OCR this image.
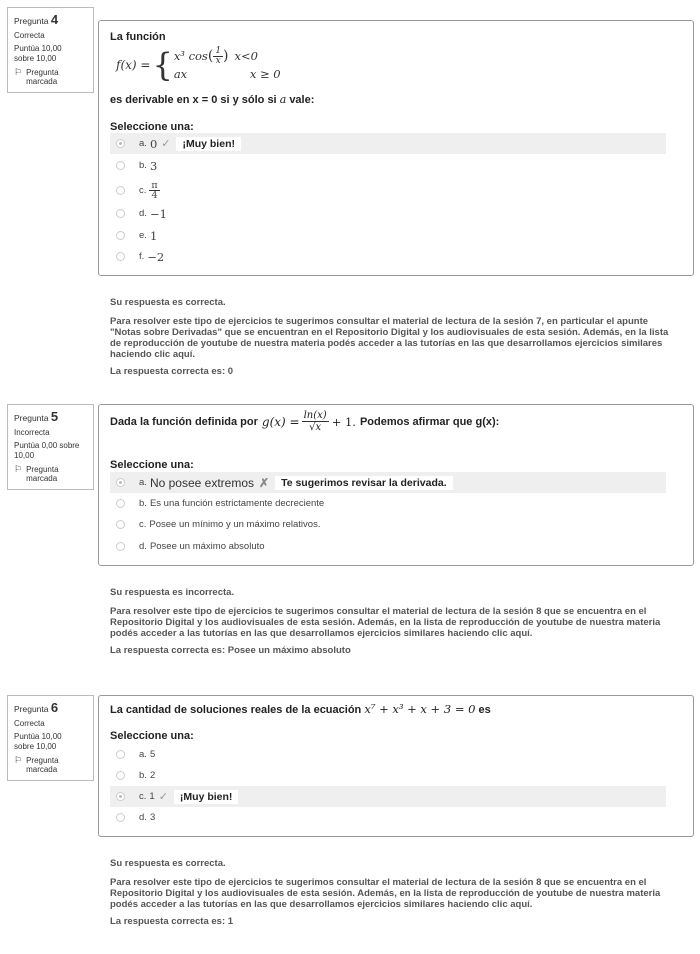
Pregunta 4
Correcta
Puntúa 10,00
sobre 10,00
⚐ Pregunta
marcada
La función
f(x) = { x³ cos ( $\frac{1}{x}$ ) x<0
ax	x ≥ 0
es derivable en x = 0 si y sólo si a vale:
Seleccione una:
a. 0 ✓	¡Muy bien!
b. 3
c. $\frac{\pi}{4}$
d. −1
e. 1
f. −2
Su respuesta es correcta.
Para resolver este tipo de ejercicios te sugerimos consultar el material de lectura de la sesión 7, en particular el apunte "Notas sobre Derivadas" que se encuentran en el Repositorio Digital y los audiovisuales de esta sesión. Además, en la lista de reproducción de youtube de nuestra materia podés acceder a las tutorías en las que desarrollamos ejercicios similares haciendo clic aquí.
La respuesta correcta es: 0
Pregunta 5
Incorrecta
Puntúa 0,00 sobre
10,00
⚐ Pregunta
marcada
Dada la función definida por $g(x) = \frac{\ln(x)}{√x} + 1$. Podemos afirmar que g(x):
Seleccione una:
a. No posee extremos ✗	Te sugerimos revisar la derivada.
b. Es una función estrictamente decreciente
c. Posee un mínimo y un máximo relativos.
d. Posee un máximo absoluto
Su respuesta es incorrecta.
Para resolver este tipo de ejercicios te sugerimos consultar el material de lectura de la sesión 8 que se encuentra en el Repositorio Digital y los audiovisuales de esta sesión. Además, en la lista de reproducción de youtube de nuestra materia podés acceder a las tutorías en las que desarrollamos ejercicios similares haciendo clic aquí.
La respuesta correcta es: Posee un máximo absoluto
Pregunta 6
Correcta
Puntúa 10,00
sobre 10,00
⚐ Pregunta
marcada
La cantidad de soluciones reales de la ecuación x⁷ + x³ + x + 3 = 0 es
Seleccione una:
a. 5
b. 2
c. 1 ✓	¡Muy bien!
d. 3
Su respuesta es correcta.
Para resolver este tipo de ejercicios te sugerimos consultar el material de lectura de la sesión 8 que se encuentra en el Repositorio Digital y los audiovisuales de esta sesión. Además, en la lista de reproducción de youtube de nuestra materia podés acceder a las tutorías en las que desarrollamos ejercicios similares haciendo clic aquí.
La respuesta correcta es: 1
